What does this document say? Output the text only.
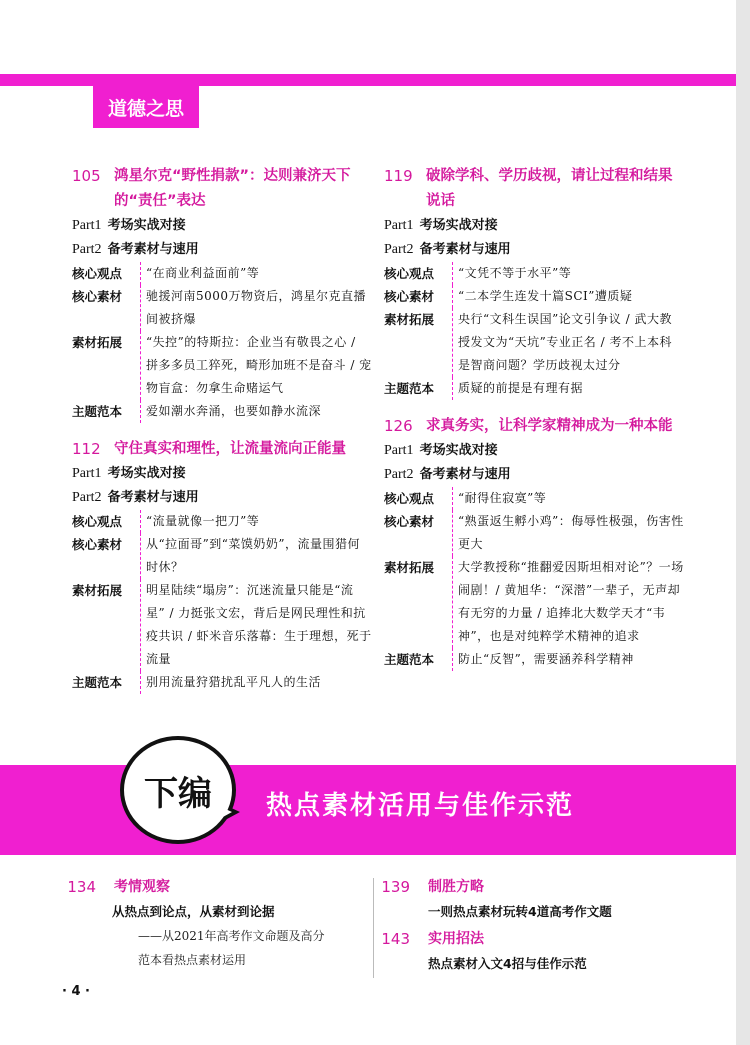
道德之思
105 鸿星尔克“野性捐款”：达则兼济天下的“责任”表达
Part1 考场实战对接
Part2 备考素材与速用
核心观点	“在商业利益面前”等
核心素材	驰援河南5000万物资后，鸿星尔克直播间被挤爆
素材拓展	“失控”的特斯拉：企业当有敬畏之心 / 拼多多员工猝死，畸形加班不是奋斗 / 宠物盲盒：勿拿生命赌运气
主题范本	爱如潮水奔涌，也要如静水流深
112 守住真实和理性，让流量流向正能量
Part1 考场实战对接
Part2 备考素材与速用
核心观点	“流量就像一把刀”等
核心素材	从“拉面哥”到“菜馍奶奶”，流量围猎何时休？
素材拓展	明星陆续“塌房”：沉迷流量只能是“流星” / 力挺张文宏，背后是网民理性和抗疫共识 / 虾米音乐落幕：生于理想，死于流量
主题范本	别用流量狩猎扰乱平凡人的生活
119 破除学科、学历歧视，请让过程和结果说话
Part1 考场实战对接
Part2 备考素材与速用
核心观点	“文凭不等于水平”等
核心素材	“二本学生连发十篇SCI”遭质疑
素材拓展	央行“文科生误国”论文引争议 / 武大教授发文为“天坑”专业正名 / 考不上本科是智商问题？学历歧视太过分
主题范本	质疑的前提是有理有据
126 求真务实，让科学家精神成为一种本能
Part1 考场实战对接
Part2 备考素材与速用
核心观点	“耐得住寂寞”等
核心素材	“熟蛋返生孵小鸡”：侮辱性极强，伤害性更大
素材拓展	大学教授称“推翻爱因斯坦相对论”？一场闹剧！/ 黄旭华：“深潜”一辈子，无声却有无穷的力量 / 追捧北大数学天才“韦神”，也是对纯粹学术精神的追求
主题范本	防止“反智”，需要涵养科学精神
下编 热点素材活用与佳作示范
134 考情观察
从热点到论点，从素材到论据
——从2021年高考作文命题及高分
范本看热点素材运用
139 制胜方略
一则热点素材玩转4道高考作文题
143 实用招法
热点素材入文4招与佳作示范
· 4 ·
